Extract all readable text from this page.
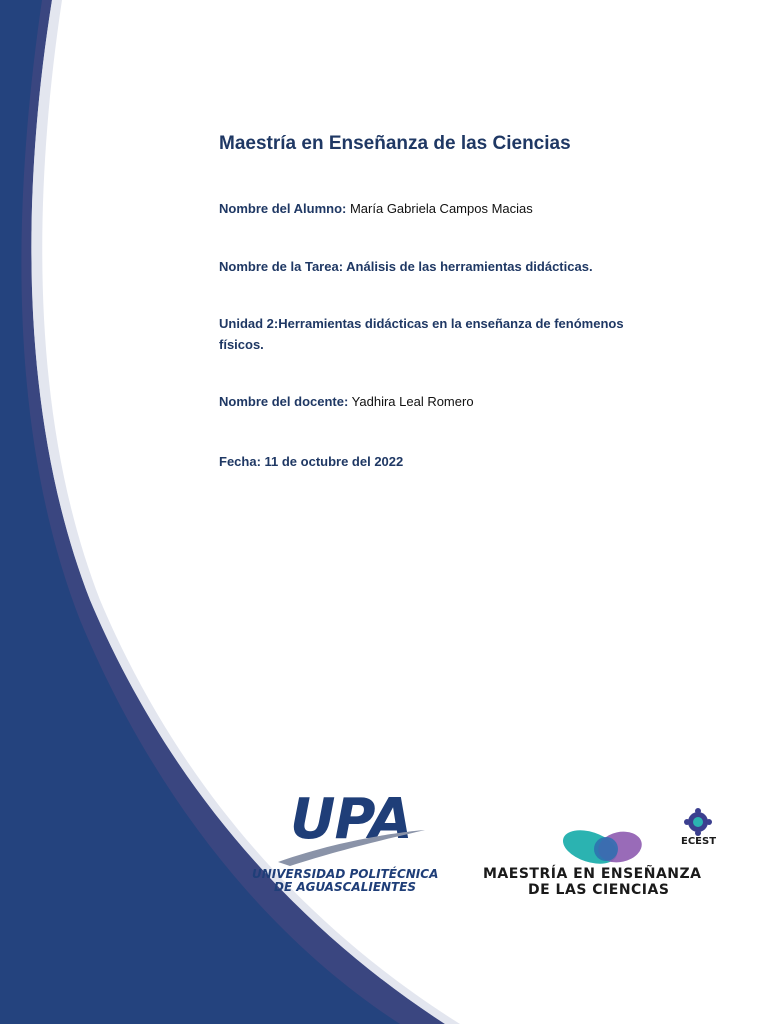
Maestría en Enseñanza de las Ciencias
Nombre del Alumno: María Gabriela Campos Macias
Nombre de la Tarea: Análisis de las herramientas didácticas.
Unidad 2:Herramientas didácticas en la enseñanza de fenómenos físicos.
Nombre del docente: Yadhira Leal Romero
Fecha: 11 de octubre del 2022
UPA
UNIVERSIDAD POLITÉCNICA
DE AGUASCALIENTES
ECEST
MAESTRÍA EN ENSEÑANZA
DE LAS CIENCIAS
